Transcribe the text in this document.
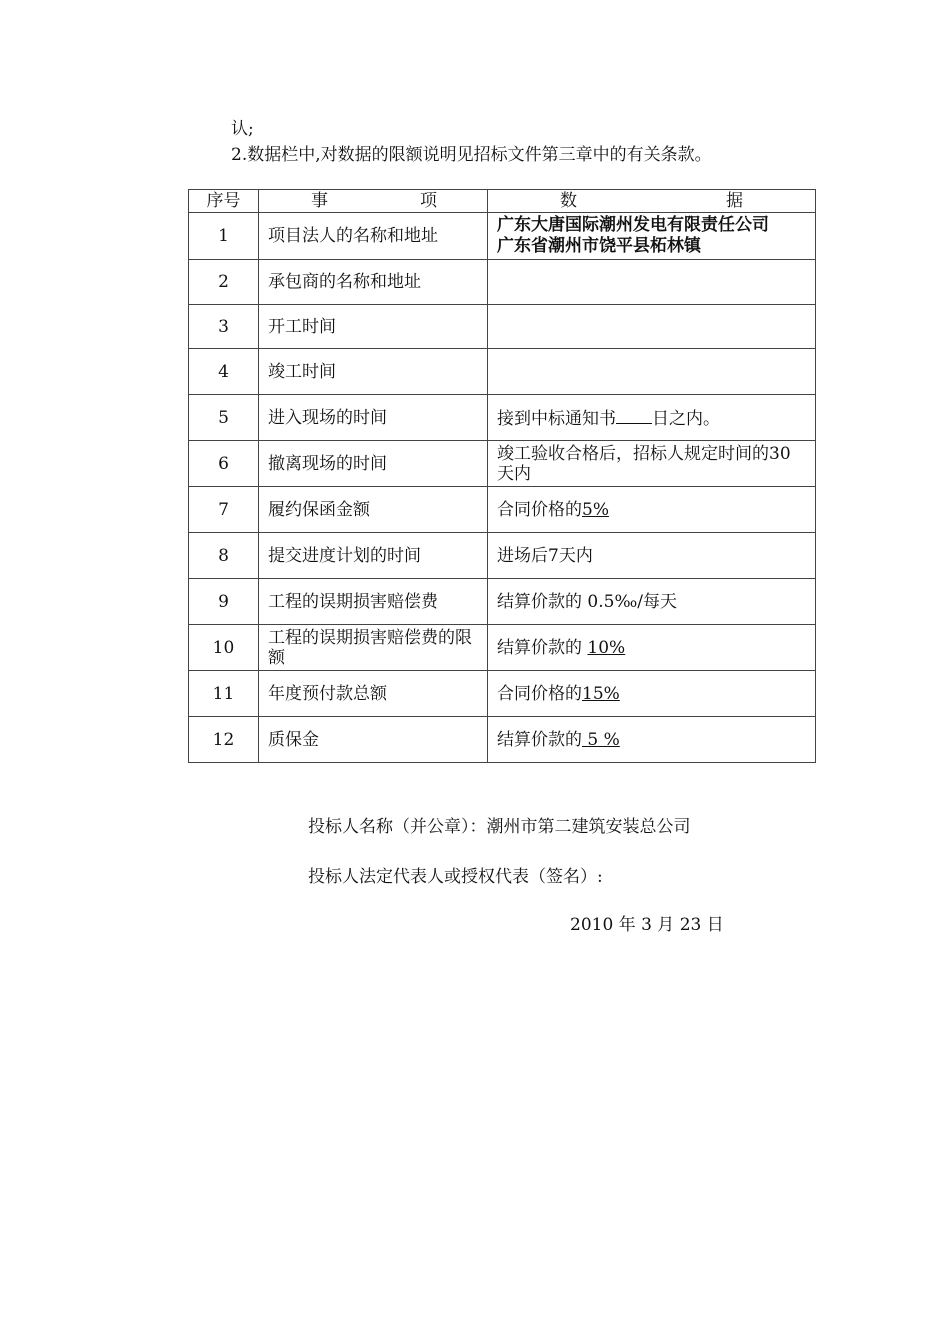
认;
2.数据栏中,对数据的限额说明见招标文件第三章中的有关条款。
序号	事项	数据
1	项目法人的名称和地址	广东大唐国际潮州发电有限责任公司
广东省潮州市饶平县柘林镇

2	承包商的名称和地址	
3	开工时间	
4	竣工时间	
5	进入现场的时间	接到中标通知书 日之内。
6	撤离现场的时间	竣工验收合格后，招标人规定时间的30天内
7	履约保函金额	合同价格的5%
8	提交进度计划的时间	进场后7天内
9	工程的误期损害赔偿费	结算价款的 0.5‰/每天
10	工程的误期损害赔偿费的限额	结算价款的 10%
11	年度预付款总额	合同价格的15%
12	质保金	结算价款的 5 %
投标人名称（并公章）：潮州市第二建筑安装总公司
投标人法定代表人或授权代表（签名）:
2010 年 3 月 23 日
